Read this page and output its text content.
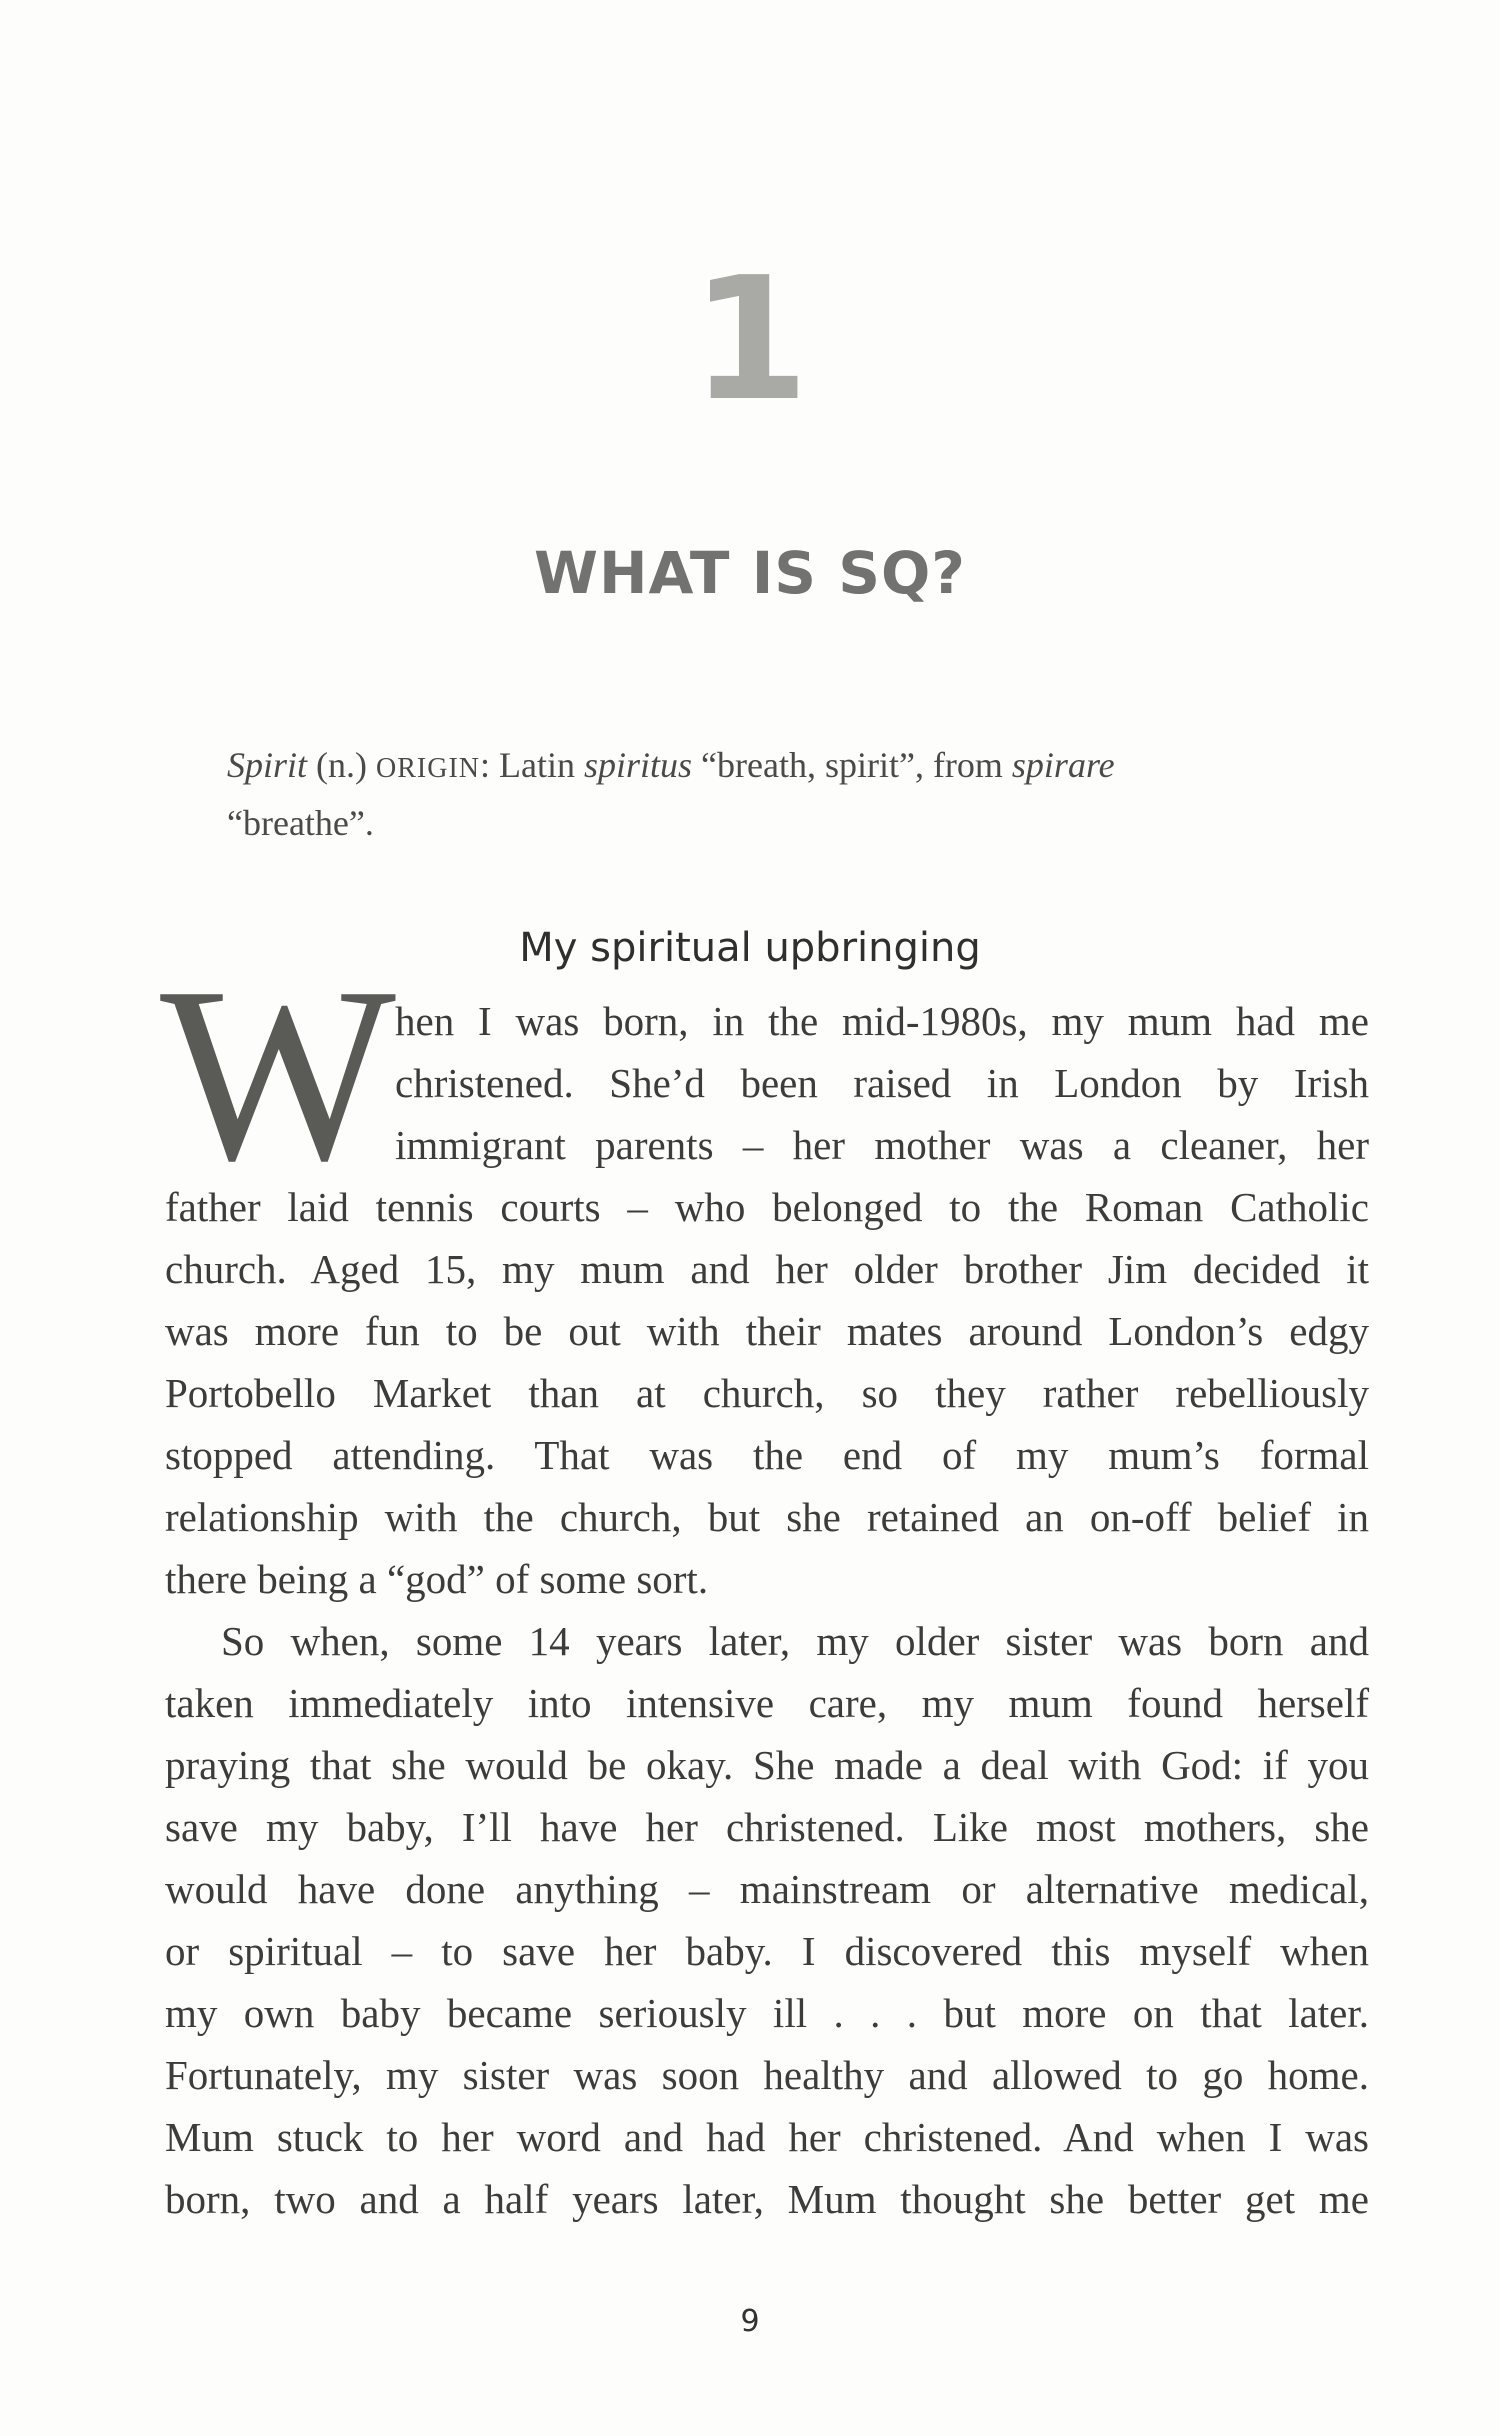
1
WHAT IS SQ?
Spirit (n.) ORIGIN: Latin spiritus “breath, spirit”, from spirare
“breathe”.
My spiritual upbringing
W hen I was born, in the mid-1980s, my mum had me
christened. She’d been raised in London by Irish
immigrant parents – her mother was a cleaner, her
father laid tennis courts – who belonged to the Roman Catholic
church. Aged 15, my mum and her older brother Jim decided it
was more fun to be out with their mates around London’s edgy
Portobello Market than at church, so they rather rebelliously
stopped attending. That was the end of my mum’s formal
relationship with the church, but she retained an on-off belief in
there being a “god” of some sort.
So when, some 14 years later, my older sister was born and
taken immediately into intensive care, my mum found herself
praying that she would be okay. She made a deal with God: if you
save my baby, I’ll have her christened. Like most mothers, she
would have done anything – mainstream or alternative medical,
or spiritual – to save her baby. I discovered this myself when
my own baby became seriously ill . . . but more on that later.
Fortunately, my sister was soon healthy and allowed to go home.
Mum stuck to her word and had her christened. And when I was
born, two and a half years later, Mum thought she better get me
9
